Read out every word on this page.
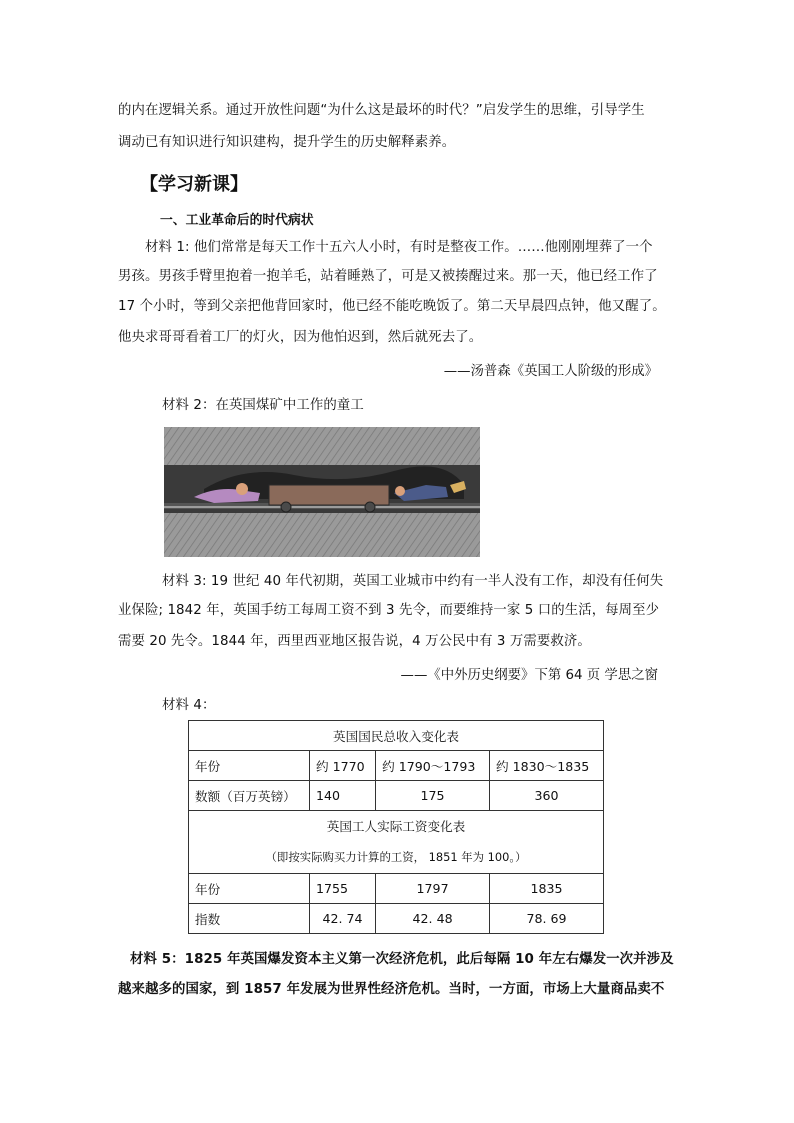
的内在逻辑关系。通过开放性问题“为什么这是最坏的时代？”启发学生的思维，引导学生
调动已有知识进行知识建构，提升学生的历史解释素养。
【学习新课】
一、工业革命后的时代病状
材料 1: 他们常常是每天工作十五六人小时，有时是整夜工作。……他刚刚埋葬了一个
男孩。男孩手臂里抱着一抱羊毛，站着睡熟了，可是又被揍醒过来。那一天，他已经工作了
17 个小时，等到父亲把他背回家时，他已经不能吃晚饭了。第二天早晨四点钟，他又醒了。
他央求哥哥看着工厂的灯火，因为他怕迟到，然后就死去了。
——汤普森《英国工人阶级的形成》
材料 2：在英国煤矿中工作的童工
材料 3: 19 世纪 40 年代初期，英国工业城市中约有一半人没有工作，却没有任何失
业保险; 1842 年，英国手纺工每周工资不到 3 先令，而要维持一家 5 口的生活，每周至少
需要 20 先令。1844 年，西里西亚地区报告说，4 万公民中有 3 万需要救济。
——《中外历史纲要》下第 64 页 学思之窗
材料 4：
英国国民总收入变化表			
年份	约 1770	约 1790～1793	约 1830～1835
数额（百万英镑）	140	175	360

英国工人实际工资变化表
（即按实际购买力计算的工资， 1851 年为 100。）			

年份	1755	1797	1835
指数	42. 74	42. 48	78. 69
材料 5：1825 年英国爆发资本主义第一次经济危机，此后每隔 10 年左右爆发一次并涉及
越来越多的国家，到 1857 年发展为世界性经济危机。当时，一方面，市场上大量商品卖不
